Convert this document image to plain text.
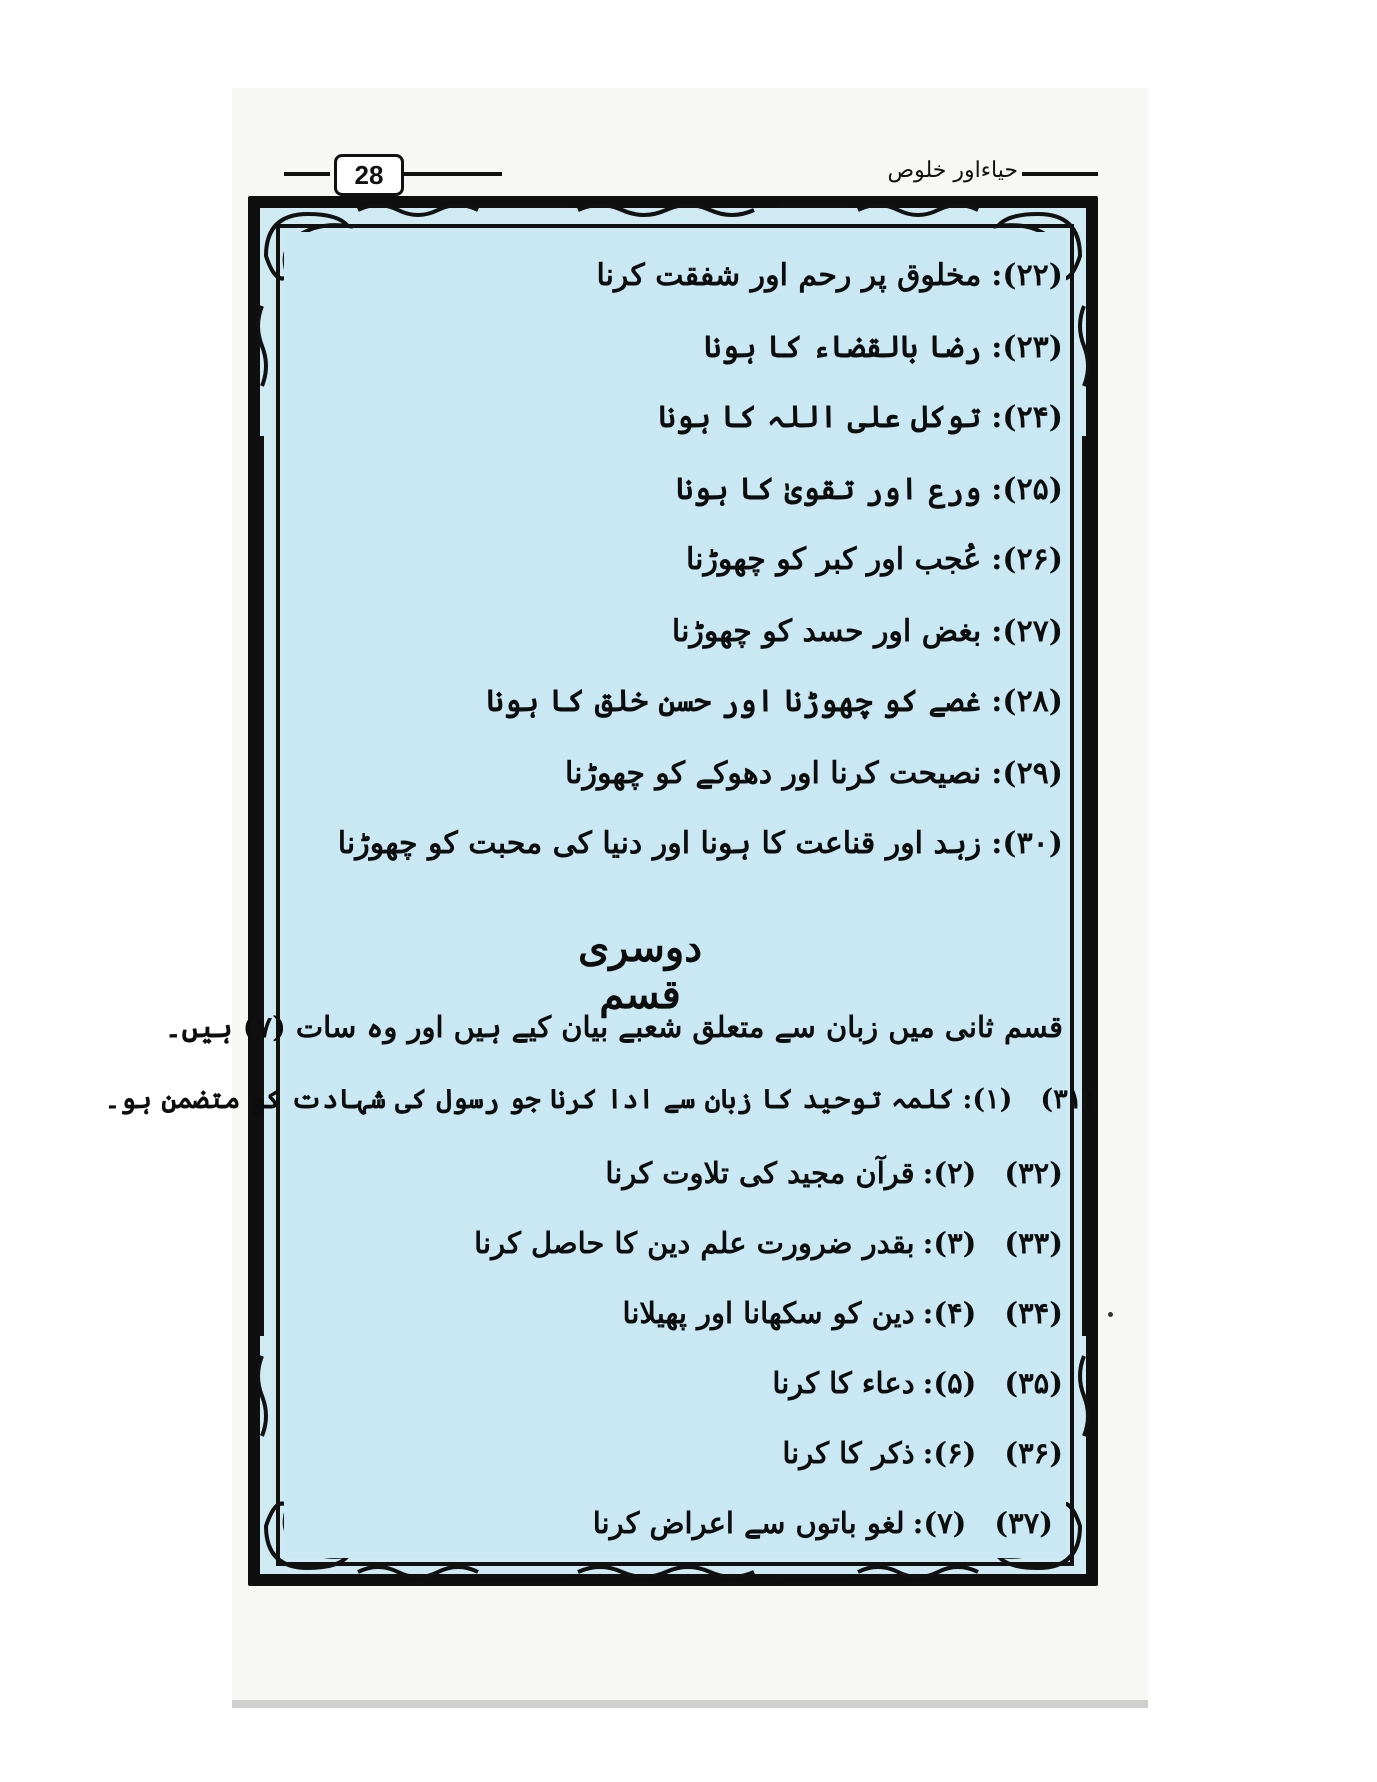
28	حیاءاور خلوص
(۲۲):مخلوق پر رحم اور شفقت کرنا
(۲۳):رضا بالقضاء کا ہونا
(۲۴):توکل علی اللہ کا ہونا
(۲۵):ورع اور تقویٰ کا ہونا
(۲۶):عُجب اور کبر کو چھوڑنا
(۲۷):بغض اور حسد کو چھوڑنا
(۲۸):غصے کو چھوڑنا اور حسن خلق کا ہونا
(۲۹):نصیحت کرنا اور دھوکے کو چھوڑنا
(۳۰):زہد اور قناعت کا ہونا اور دنیا کی محبت کو چھوڑنا
دوسری قسم
قسم ثانی میں زبان سے متعلق شعبے بیان کیے ہیں اور وہ سات (۷) ہیں۔
(۳۱)(۱):کلمہ توحید کا زبان سے ادا کرنا جو رسول کی شہادت کو متضمن ہو۔
(۳۲)(۲):قرآن مجید کی تلاوت کرنا
(۳۳)(۳):بقدر ضرورت علم دین کا حاصل کرنا
(۳۴)(۴):دین کو سکھانا اور پھیلانا
(۳۵)(۵):دعاء کا کرنا
(۳۶)(۶):ذکر کا کرنا
(۳۷)(۷):لغو باتوں سے اعراض کرنا
